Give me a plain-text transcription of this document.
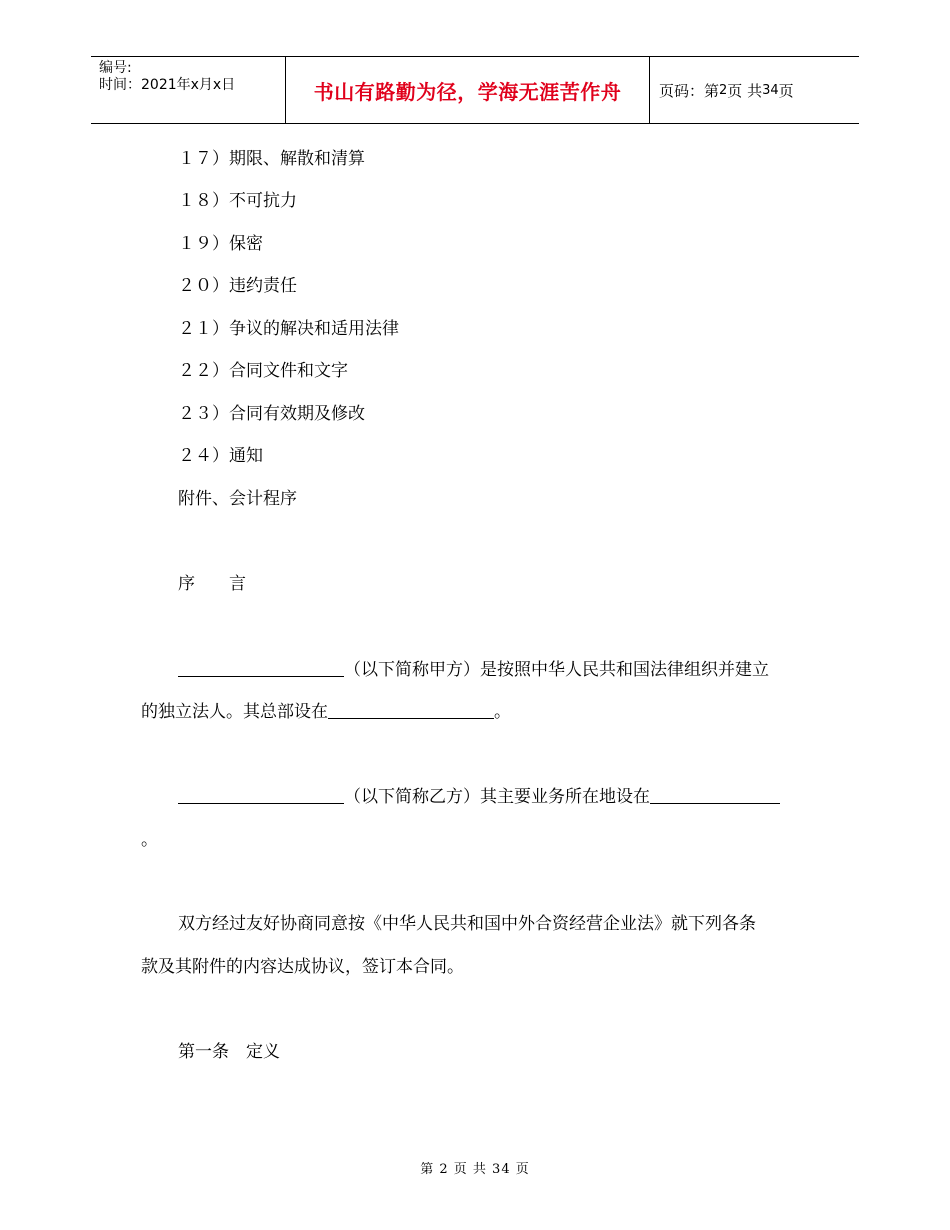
编号:
时间：2021年x月x日	书山有路勤为径，学海无涯苦作舟	页码：第 2 页 共 34 页
１７）期限、解散和清算
１８）不可抗力
１９）保密
２０）违约责任
２１）争议的解决和适用法律
２２）合同文件和文字
２３）合同有效期及修改
２４）通知
附件、会计程序
序　　言
（以下简称甲方）是按照中华人民共和国法律组织并建立
的独立法人。其总部设在	。
（以下简称乙方）其主要业务所在地设在
。
双方经过友好协商同意按《中华人民共和国中外合资经营企业法》就下列各条
款及其附件的内容达成协议，签订本合同。
第一条　定义
第 2 页 共 34 页
